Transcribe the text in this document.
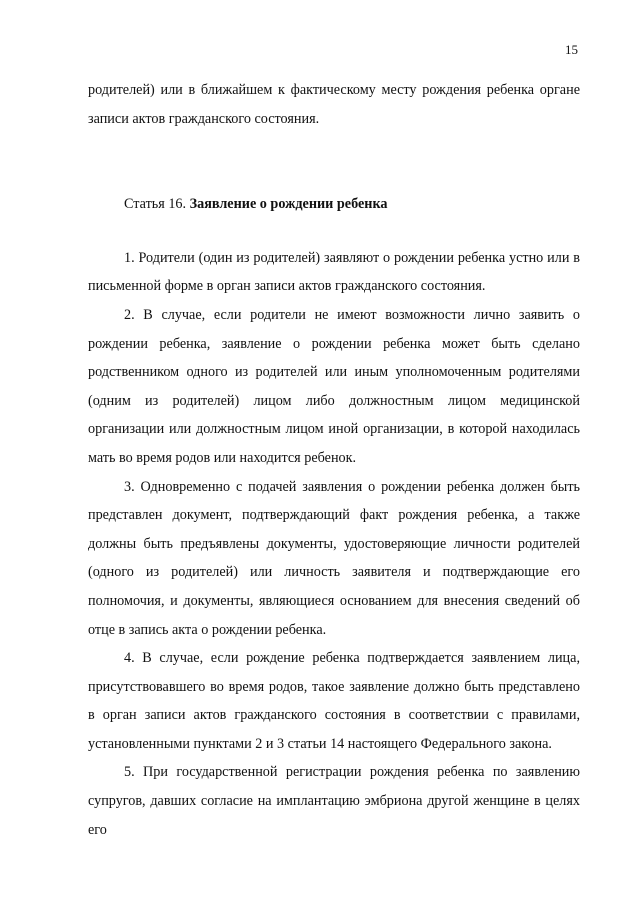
15

родителей) или в ближайшем к фактическому месту рождения ребенка органе записи актов гражданского состояния.

Статья 16. Заявление о рождении ребенка

1. Родители (один из родителей) заявляют о рождении ребенка устно или в письменной форме в орган записи актов гражданского состояния.

2. В случае, если родители не имеют возможности лично заявить о рождении ребенка, заявление о рождении ребенка может быть сделано родственником одного из родителей или иным уполномоченным родителями (одним из родителей) лицом либо должностным лицом медицинской организации или должностным лицом иной организации, в которой находилась мать во время родов или находится ребенок.

3. Одновременно с подачей заявления о рождении ребенка должен быть представлен документ, подтверждающий факт рождения ребенка, а также должны быть предъявлены документы, удостоверяющие личности родителей (одного из родителей) или личность заявителя и подтверждающие его полномочия, и документы, являющиеся основанием для внесения сведений об отце в запись акта о рождении ребенка.

4. В случае, если рождение ребенка подтверждается заявлением лица, присутствовавшего во время родов, такое заявление должно быть представлено в орган записи актов гражданского состояния в соответствии с правилами, установленными пунктами 2 и 3 статьи 14 настоящего Федерального закона.

5. При государственной регистрации рождения ребенка по заявлению супругов, давших согласие на имплантацию эмбриона другой женщине в целях его
